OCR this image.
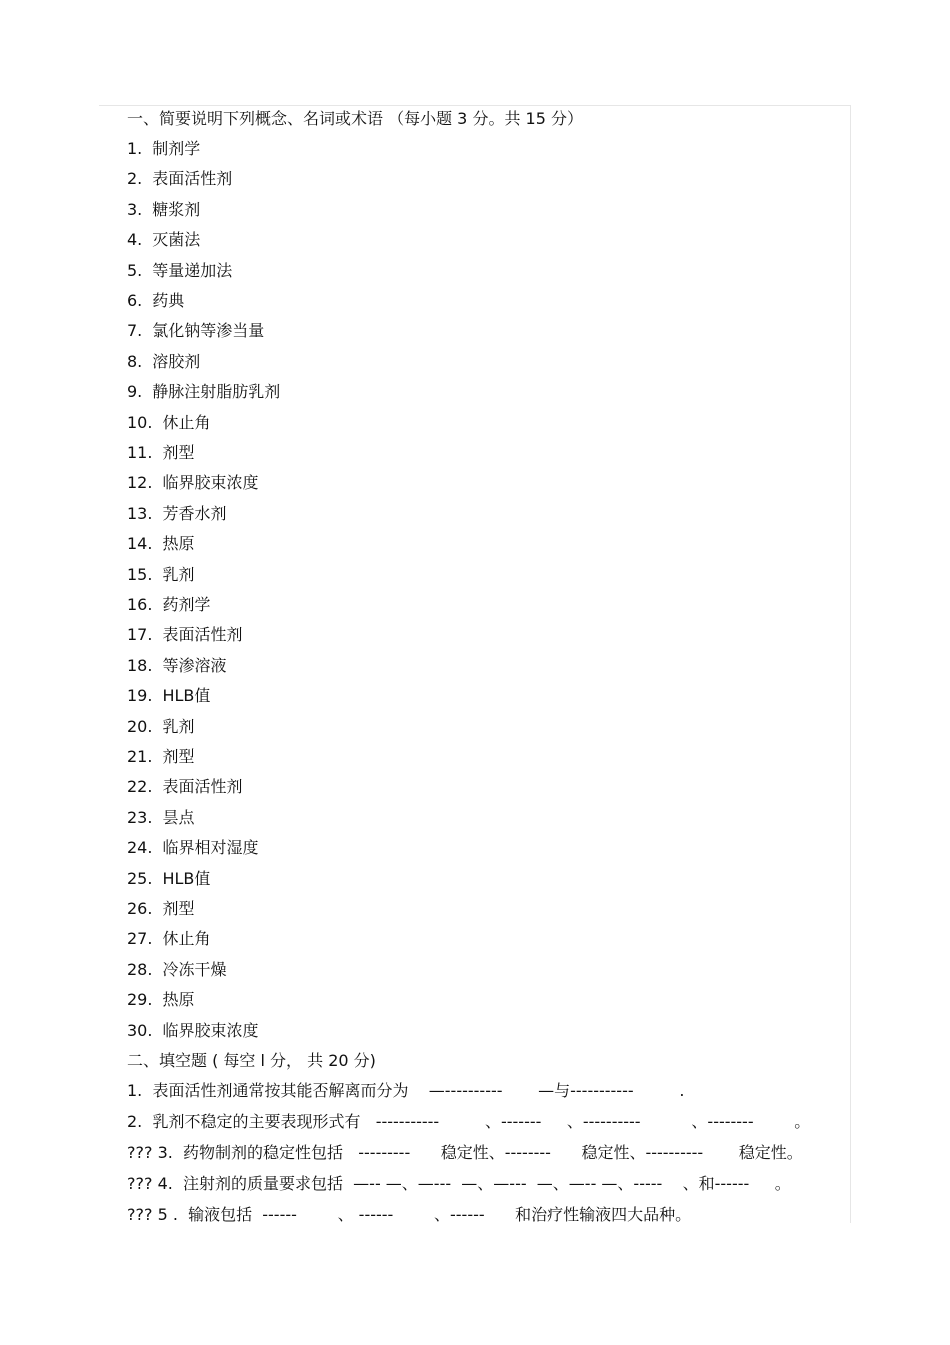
一、简要说明下列概念、名词或术语 （每小题 3 分。共 15 分）
1. 制剂学
2. 表面活性剂
3. 糖浆剂
4. 灭菌法
5. 等量递加法
6. 药典
7. 氯化钠等渗当量
8. 溶胶剂
9. 静脉注射脂肪乳剂
10. 休止角
11. 剂型
12. 临界胶束浓度
13. 芳香水剂
14. 热原
15. 乳剂
16. 药剂学
17. 表面活性剂
18. 等渗溶液
19. HLB值
20. 乳剂
21. 剂型
22. 表面活性剂
23. 昙点
24. 临界相对湿度
25. HLB值
26. 剂型
27. 休止角
28. 冷冻干燥
29. 热原
30. 临界胶束浓度
二、填空题 ( 每空 l 分， 共 20 分)
1.  表面活性剂通常按其能否解离而分为    —----------       —与-----------         .
2.  乳剂不稳定的主要表现形式有   -----------         、-------     、----------          、--------        。
??? 3.  药物制剂的稳定性包括   ---------      稳定性、--------      稳定性、----------       稳定性。
??? 4.  注射剂的质量要求包括  —-- —、—---  —、—---  —、—-- —、-----    、和------     。
??? 5 .  输液包括  ------        、 ------        、------      和治疗性输液四大品种。
